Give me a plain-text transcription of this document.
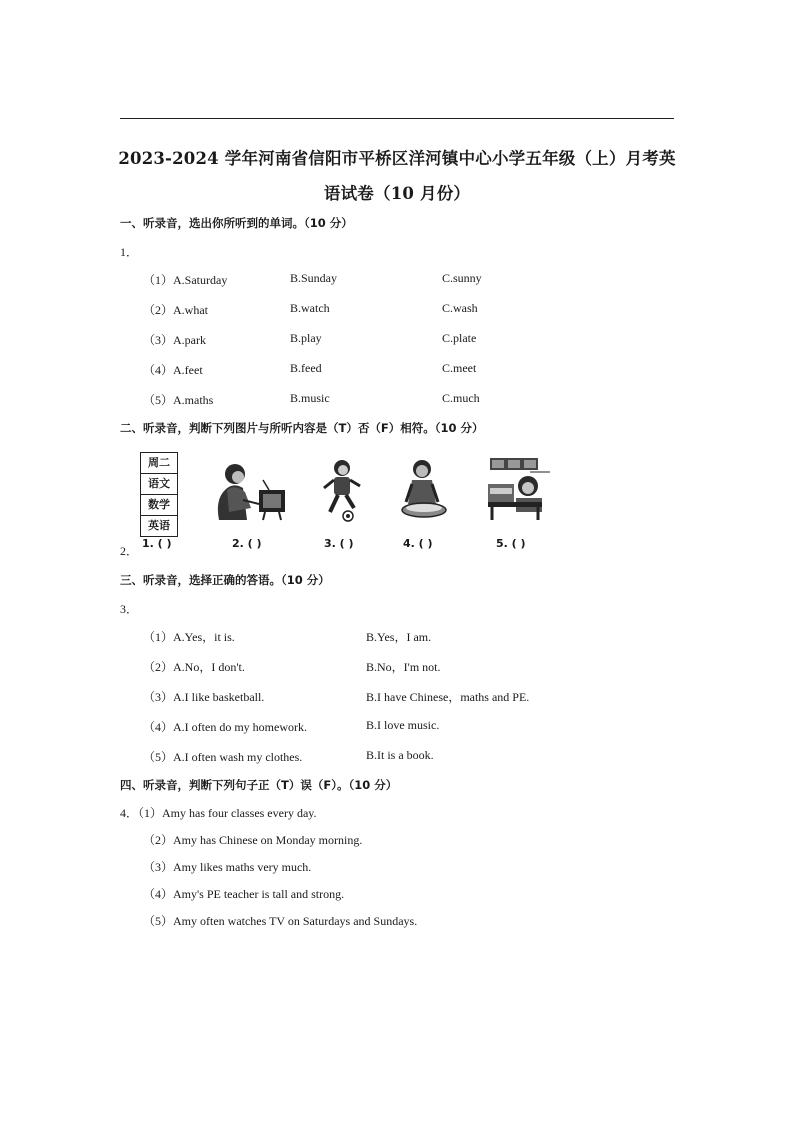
2023-2024 学年河南省信阳市平桥区洋河镇中心小学五年级（上）月考英
语试卷（10 月份）
一、听录音，选出你所听到的单词。（10 分）
1．
（1）A.Saturday	B.Sunday	C.sunny
（2）A.what	B.watch	C.wash
（3）A.park	B.play	C.plate
（4）A.feet	B.feed	C.meet
（5）A.maths	B.music	C.much
二、听录音，判断下列图片与所听内容是（T）否（F）相符。（10 分）
周二
语文
数学
英语
1. ( )	2. ( )	3. ( )	4. ( )	5. ( )
2．
三、听录音，选择正确的答语。（10 分）
3．
（1）A.Yes，it is.	B.Yes，I am.
（2）A.No，I don't.	B.No，I'm not.
（3）A.I like basketball.	B.I have Chinese，maths and PE.
（4）A.I often do my homework.	B.I love music.
（5）A.I often wash my clothes.	B.It is a book.
四、听录音，判断下列句子正（T）误（F）。（10 分）
4．（1）Amy has four classes every day.
（2）Amy has Chinese on Monday morning.
（3）Amy likes maths very much.
（4）Amy's PE teacher is tall and strong.
（5）Amy often watches TV on Saturdays and Sundays.
